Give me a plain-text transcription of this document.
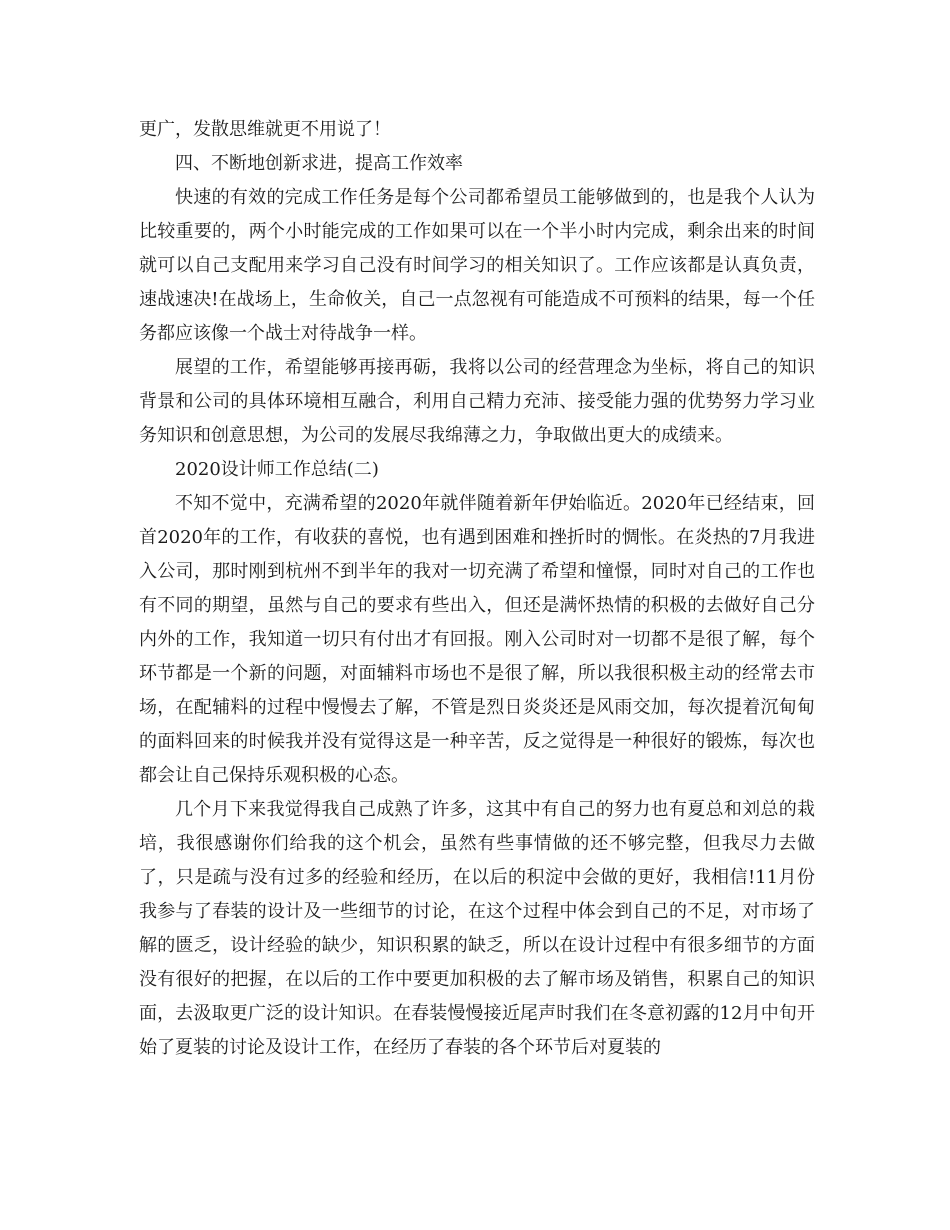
更广，发散思维就更不用说了！

四、不断地创新求进，提高工作效率

快速的有效的完成工作任务是每个公司都希望员工能够做到的，也是我个人认为比较重要的，两个小时能完成的工作如果可以在一个半小时内完成，剩余出来的时间就可以自己支配用来学习自己没有时间学习的相关知识了。工作应该都是认真负责，速战速决!在战场上，生命攸关，自己一点忽视有可能造成不可预料的结果，每一个任务都应该像一个战士对待战争一样。

展望的工作，希望能够再接再砺，我将以公司的经营理念为坐标，将自己的知识背景和公司的具体环境相互融合，利用自己精力充沛、接受能力强的优势努力学习业务知识和创意思想，为公司的发展尽我绵薄之力，争取做出更大的成绩来。

2020设计师工作总结(二)

不知不觉中，充满希望的2020年就伴随着新年伊始临近。2020年已经结束，回首2020年的工作，有收获的喜悦，也有遇到困难和挫折时的惆怅。在炎热的7月我进入公司，那时刚到杭州不到半年的我对一切充满了希望和憧憬，同时对自己的工作也有不同的期望，虽然与自己的要求有些出入，但还是满怀热情的积极的去做好自己分内外的工作，我知道一切只有付出才有回报。刚入公司时对一切都不是很了解，每个环节都是一个新的问题，对面辅料市场也不是很了解，所以我很积极主动的经常去市场，在配辅料的过程中慢慢去了解，不管是烈日炎炎还是风雨交加，每次提着沉甸甸的面料回来的时候我并没有觉得这是一种辛苦，反之觉得是一种很好的锻炼，每次也都会让自己保持乐观积极的心态。

几个月下来我觉得我自己成熟了许多，这其中有自己的努力也有夏总和刘总的栽培，我很感谢你们给我的这个机会，虽然有些事情做的还不够完整，但我尽力去做了，只是疏与没有过多的经验和经历，在以后的积淀中会做的更好，我相信!11月份我参与了春装的设计及一些细节的讨论，在这个过程中体会到自己的不足，对市场了解的匮乏，设计经验的缺少，知识积累的缺乏，所以在设计过程中有很多细节的方面没有很好的把握，在以后的工作中要更加积极的去了解市场及销售，积累自己的知识面，去汲取更广泛的设计知识。在春装慢慢接近尾声时我们在冬意初露的12月中旬开始了夏装的讨论及设计工作，在经历了春装的各个环节后对夏装的
